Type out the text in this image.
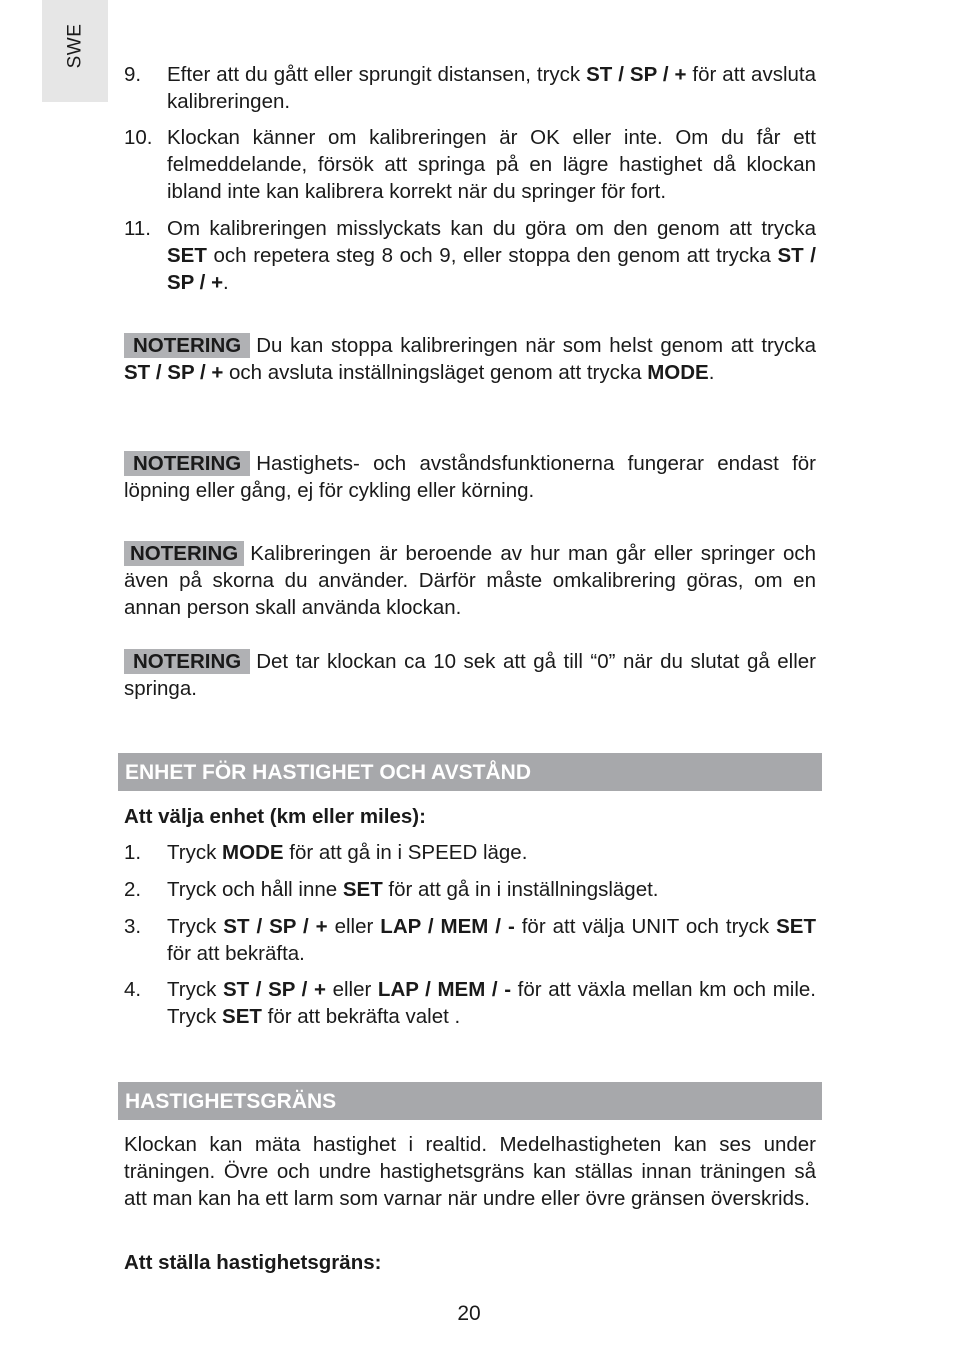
SWE
9. Efter att du gått eller sprungit distansen, tryck ST / SP / + för att avsluta kalibreringen.
10. Klockan känner om kalibreringen är OK eller inte. Om du får ett felmeddelande, försök att springa på en lägre hastighet då klockan ibland inte kan kalibrera korrekt när du springer för fort.
11. Om kalibreringen misslyckats kan du göra om den genom att trycka SET och repetera steg 8 och 9, eller stoppa den genom att trycka ST / SP / +.
NOTERING Du kan stoppa kalibreringen när som helst genom att trycka ST / SP / + och avsluta inställningsläget genom att trycka MODE.
NOTERING Hastighets- och avståndsfunktionerna fungerar endast för löpning eller gång, ej för cykling eller körning.
NOTERING Kalibreringen är beroende av hur man går eller springer och även på skorna du använder. Därför måste omkalibrering göras, om en annan person skall använda klockan.
NOTERING Det tar klockan ca 10 sek att gå till “0” när du slutat gå eller springa.
ENHET FÖR HASTIGHET OCH AVSTÅND
Att välja enhet (km eller miles):
1. Tryck MODE för att gå in i SPEED läge.
2. Tryck och håll inne SET för att gå in i inställningsläget.
3. Tryck ST / SP / + eller LAP / MEM / - för att välja UNIT och tryck SET för att bekräfta.
4. Tryck ST / SP / + eller LAP / MEM / - för att växla mellan km och mile. Tryck SET för att bekräfta valet .
HASTIGHETSGRÄNS
Klockan kan mäta hastighet i realtid. Medelhastigheten kan ses under träningen. Övre och undre hastighetsgräns kan ställas innan träningen så att man kan ha ett larm som varnar när undre eller övre gränsen överskrids.
Att ställa hastighetsgräns:
20
